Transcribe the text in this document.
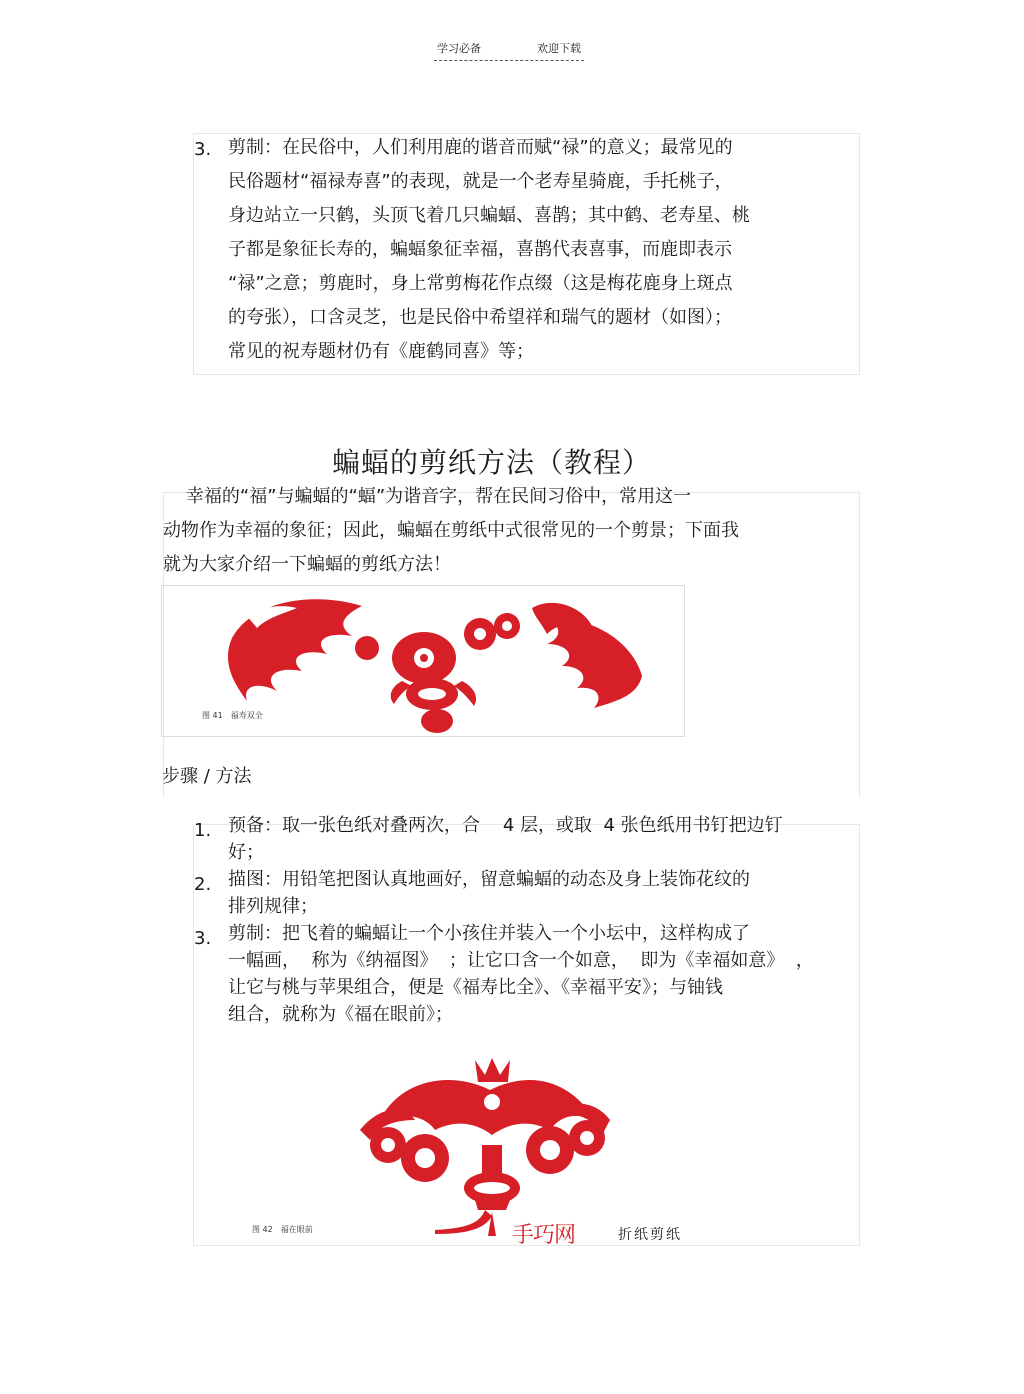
学习必备	欢迎下载
3. 剪制：在民俗中，人们利用鹿的谐音而赋“禄”的意义；最常见的
民俗题材“福禄寿喜”的表现，就是一个老寿星骑鹿，手托桃子，
身边站立一只鹤，头顶飞着几只蝙蝠、喜鹊；其中鹤、老寿星、桃
子都是象征长寿的，蝙蝠象征幸福，喜鹊代表喜事，而鹿即表示
“禄”之意；剪鹿时，身上常剪梅花作点缀（这是梅花鹿身上斑点
的夸张），口含灵芝，也是民俗中希望祥和瑞气的题材（如图）；
常见的祝寿题材仍有《鹿鹤同喜》等；
蝙蝠的剪纸方法（教程）
幸福的“福”与蝙蝠的“蝠”为谐音字，帮在民间习俗中，常用这一
动物作为幸福的象征；因此，蝙蝠在剪纸中式很常见的一个剪景；下面我
就为大家介绍一下蝙蝠的剪纸方法！
图 41　福寿双全
步骤 / 方法
1. 预备：取一张色纸对叠两次，合    4 层，或取  4 张色纸用书钉把边钉
好；
2. 描图：用铅笔把图认真地画好，留意蝙蝠的动态及身上装饰花纹的
排列规律；
3. 剪制：把飞着的蝙蝠让一个小孩住并装入一个小坛中，这样构成了
一幅画，  称为《纳福图》  ；让它口含一个如意，  即为《幸福如意》  ，
让它与桃与苹果组合，便是《福寿比全》、《幸福平安》；与铀钱
组合，就称为《福在眼前》；
图 42　福在眼前	手巧网	折纸剪纸
